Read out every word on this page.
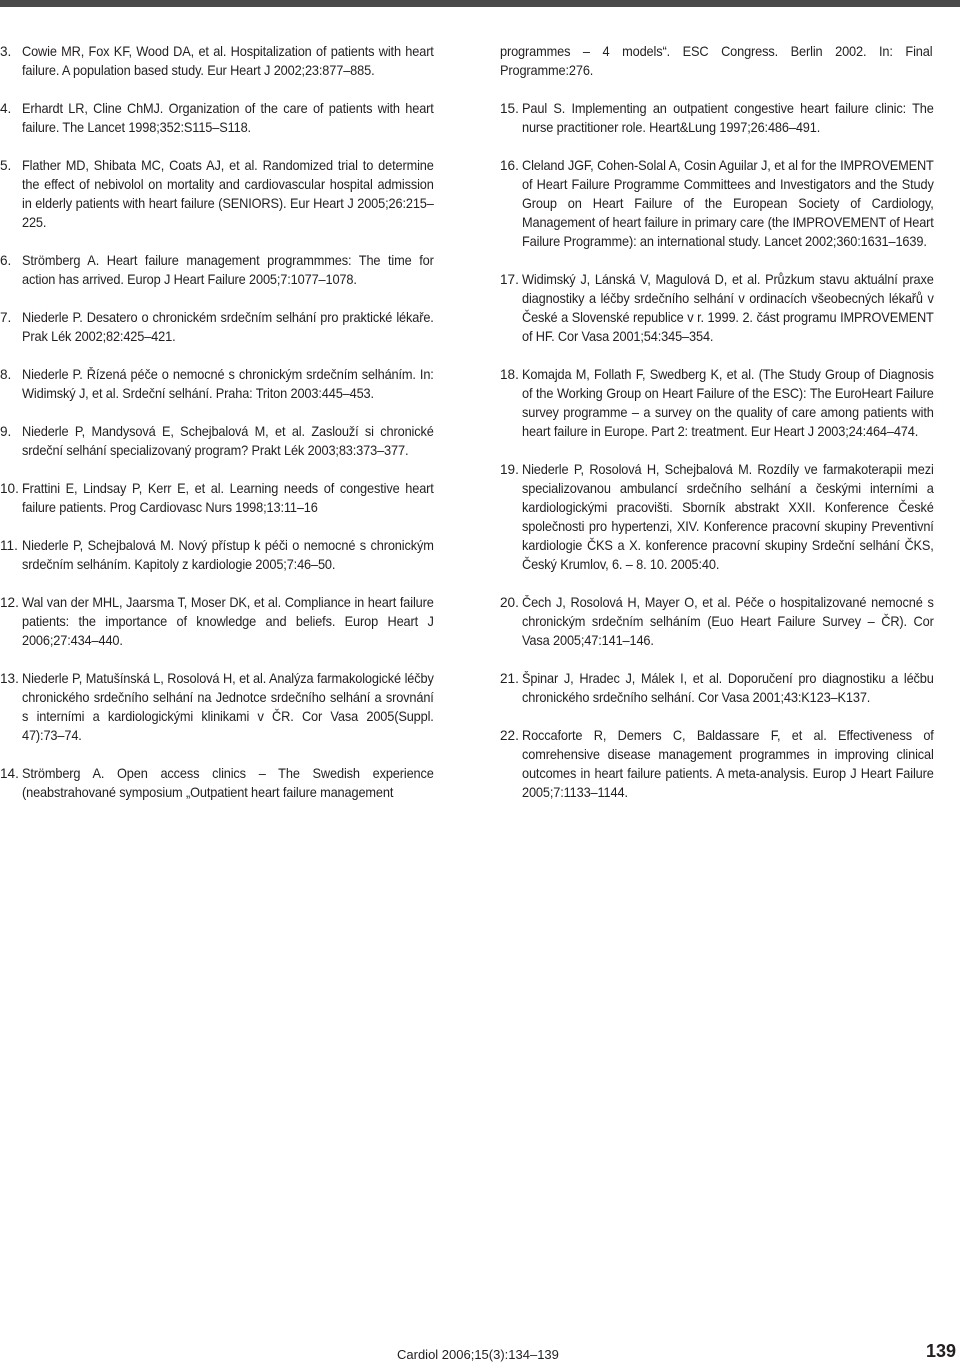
3. Cowie MR, Fox KF, Wood DA, et al. Hospitalization of patients with heart failure. A population based study. Eur Heart J 2002;23:877–885.
4. Erhardt LR, Cline ChMJ. Organization of the care of patients with heart failure. The Lancet 1998;352:S115–S118.
5. Flather MD, Shibata MC, Coats AJ, et al. Randomized trial to determine the effect of nebivolol on mortality and cardiovascular hospital admission in elderly patients with heart failure (SENIORS). Eur Heart J 2005;26:215–225.
6. Strömberg A. Heart failure management programmmes: The time for action has arrived. Europ J Heart Failure 2005;7:1077–1078.
7. Niederle P. Desatero o chronickém srdečním selhání pro praktické lékaře. Prak Lék 2002;82:425–421.
8. Niederle P. Řízená péče o nemocné s chronickým srdečním selháním. In: Widimský J, et al. Srdeční selhání. Praha: Triton 2003:445–453.
9. Niederle P, Mandysová E, Schejbalová M, et al. Zaslouží si chronické srdeční selhání specializovaný program? Prakt Lék 2003;83:373–377.
10. Frattini E, Lindsay P, Kerr E, et al. Learning needs of congestive heart failure patients. Prog Cardiovasc Nurs 1998;13:11–16
11. Niederle P, Schejbalová M. Nový přístup k péči o nemocné s chronickým srdečním selháním. Kapitoly z kardiologie 2005;7:46–50.
12. Wal van der MHL, Jaarsma T, Moser DK, et al. Compliance in heart failure patients: the importance of knowledge and beliefs. Europ Heart J 2006;27:434–440.
13. Niederle P, Matušínská L, Rosolová H, et al. Analýza farmakologické léčby chronického srdečního selhání na Jednotce srdečního selhání a srovnání s interními a kardiologickými klinikami v ČR. Cor Vasa 2005(Suppl. 47):73–74.
14. Strömberg A. Open access clinics – The Swedish experience (neabstrahované symposium „Outpatient heart failure management
programmes – 4 models“. ESC Congress. Berlin 2002. In: Final Programme:276.
15. Paul S. Implementing an outpatient congestive heart failure clinic: The nurse practitioner role. Heart&Lung 1997;26:486–491.
16. Cleland JGF, Cohen-Solal A, Cosin Aguilar J, et al for the IMPROVEMENT of Heart Failure Programme Committees and Investigators and the Study Group on Heart Failure of the European Society of Cardiology, Management of heart failure in primary care (the IMPROVEMENT of Heart Failure Programme): an international study. Lancet 2002;360:1631–1639.
17. Widimský J, Lánská V, Magulová D, et al. Průzkum stavu aktuální praxe diagnostiky a léčby srdečního selhání v ordinacích všeobecných lékařů v České a Slovenské republice v r. 1999. 2. část programu IMPROVEMENT of HF. Cor Vasa 2001;54:345–354.
18. Komajda M, Follath F, Swedberg K, et al. (The Study Group of Diagnosis of the Working Group on Heart Failure of the ESC): The EuroHeart Failure survey programme – a survey on the quality of care among patients with heart failure in Europe. Part 2: treatment. Eur Heart J 2003;24:464–474.
19. Niederle P, Rosolová H, Schejbalová M. Rozdíly ve farmakoterapii mezi specializovanou ambulancí srdečního selhání a českými interními a kardiologickými pracovišti. Sborník abstrakt XXII. Konference České společnosti pro hypertenzi, XIV. Konference pracovní skupiny Preventivní kardiologie ČKS a X. konference pracovní skupiny Srdeční selhání ČKS, Český Krumlov, 6. – 8. 10. 2005:40.
20. Čech J, Rosolová H, Mayer O, et al. Péče o hospitalizované nemocné s chronickým srdečním selháním (Euo Heart Failure Survey – ČR). Cor Vasa 2005;47:141–146.
21. Špinar J, Hradec J, Málek I, et al. Doporučení pro diagnostiku a léčbu chronického srdečního selhání. Cor Vasa 2001;43:K123–K137.
22. Roccaforte R, Demers C, Baldassare F, et al. Effectiveness of comrehensive disease management programmes in improving clinical outcomes in heart failure patients. A meta-analysis. Europ J Heart Failure 2005;7:1133–1144.
Cardiol 2006;15(3):134–139	139
